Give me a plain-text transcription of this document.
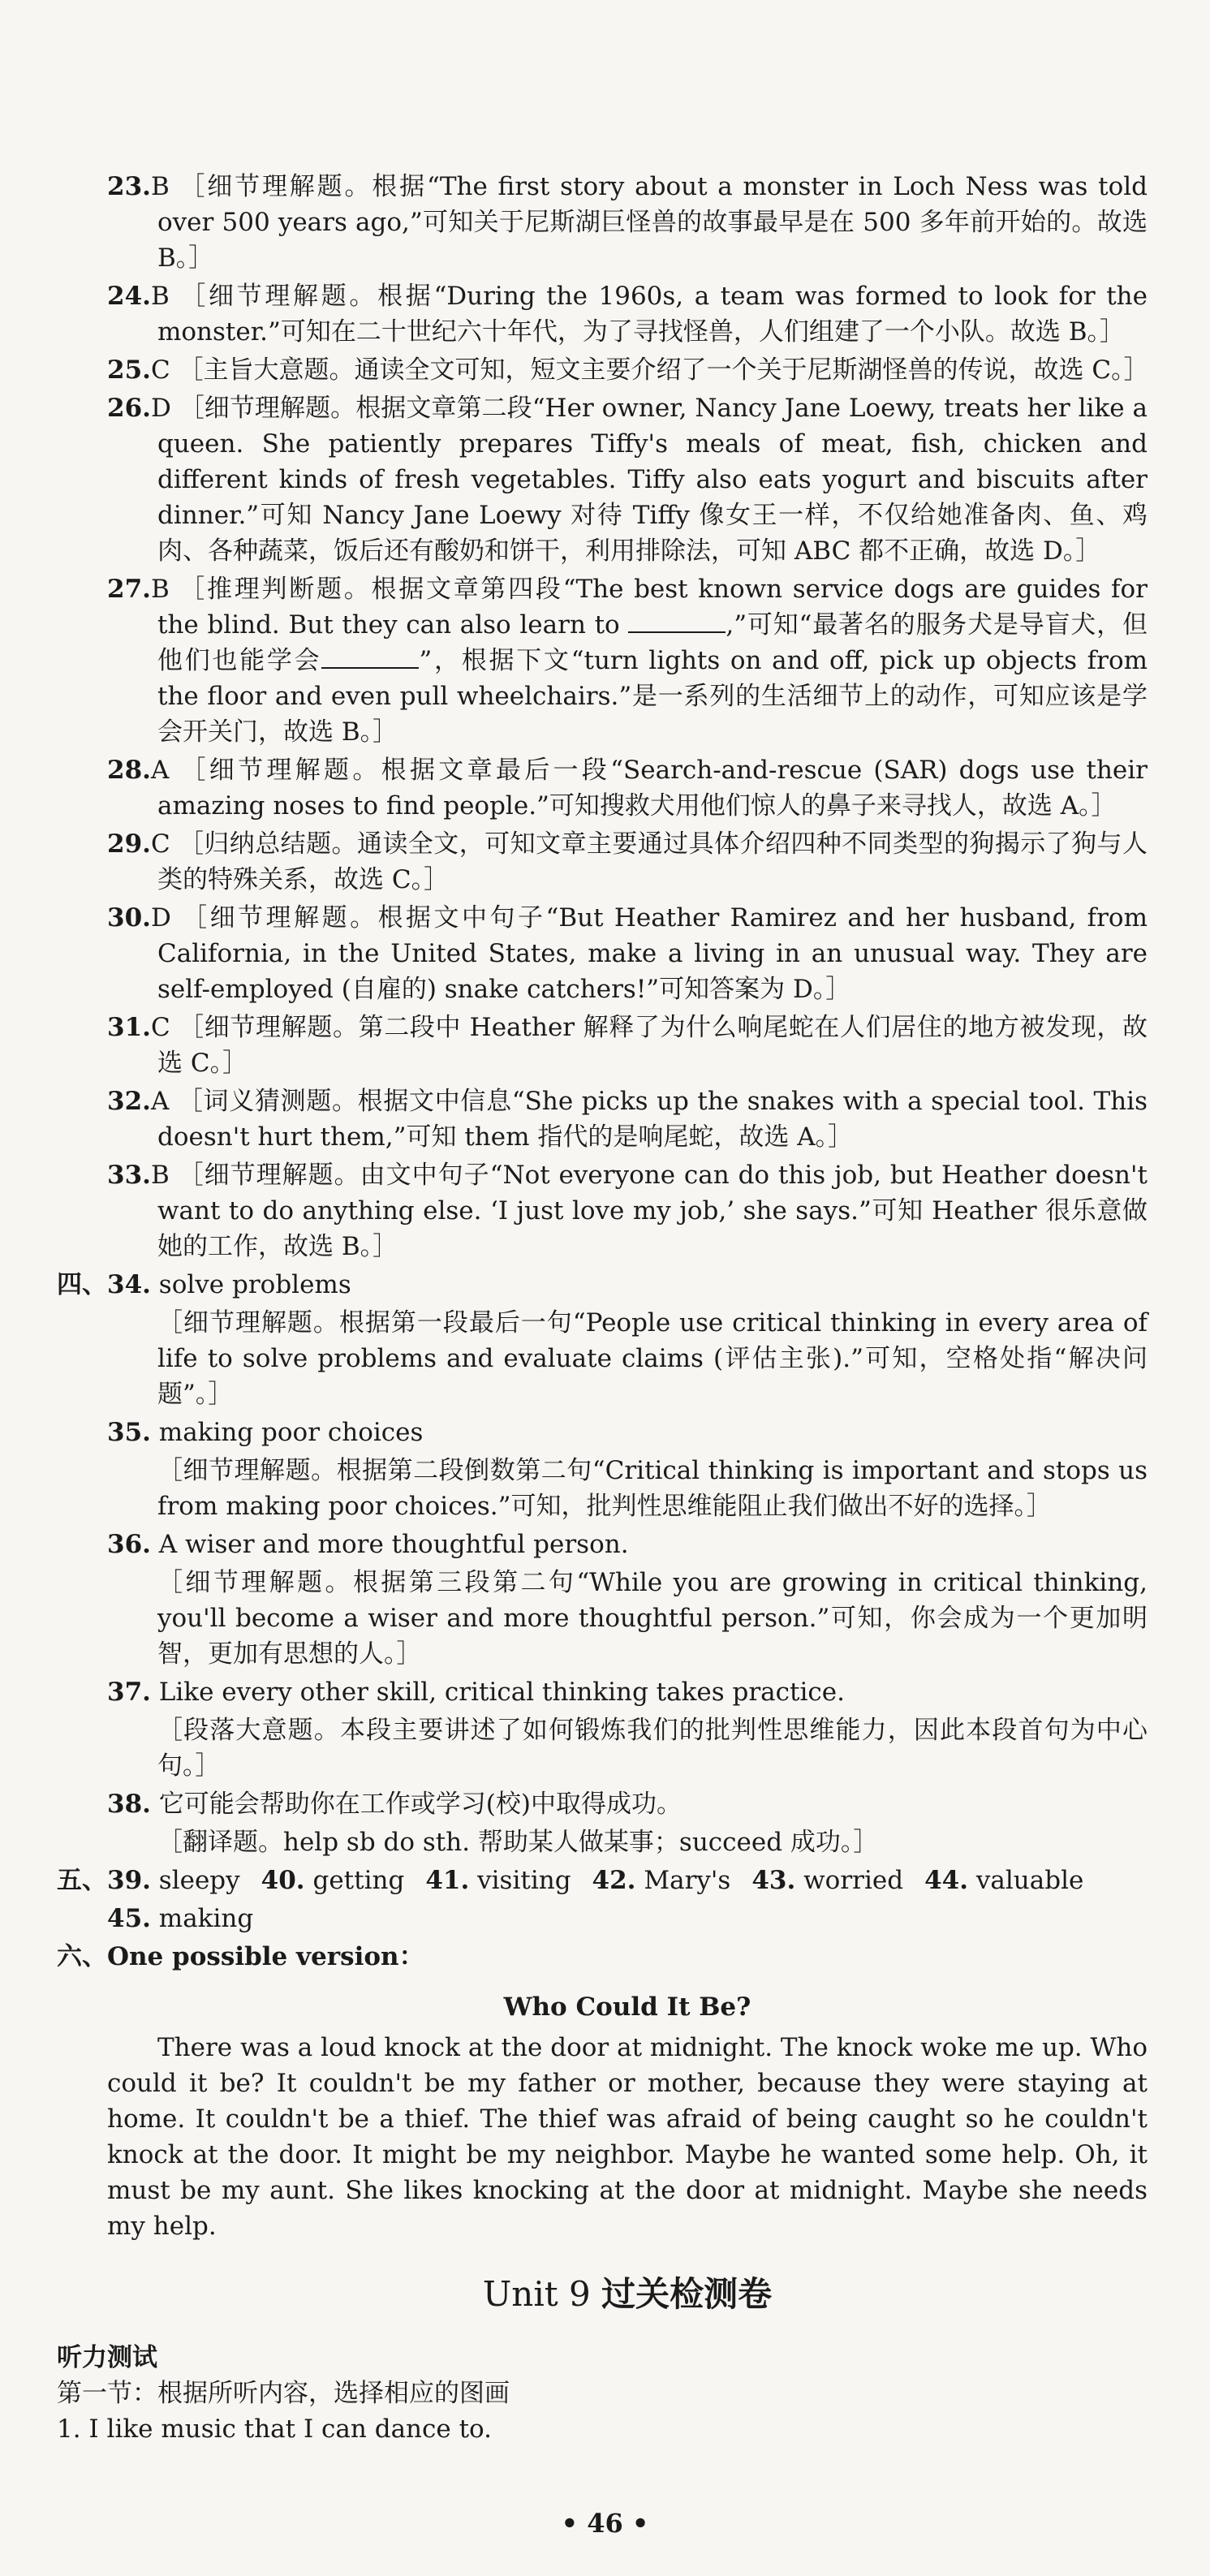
23.B ［细节理解题。根据“The first story about a monster in Loch Ness was told over 500 years ago,”可知关于尼斯湖巨怪兽的故事最早是在 500 多年前开始的。故选 B。］

24.B ［细节理解题。根据“During the 1960s, a team was formed to look for the monster.”可知在二十世纪六十年代，为了寻找怪兽，人们组建了一个小队。故选 B。］

25.C ［主旨大意题。通读全文可知，短文主要介绍了一个关于尼斯湖怪兽的传说，故选 C。］

26.D ［细节理解题。根据文章第二段“Her owner, Nancy Jane Loewy, treats her like a queen. She patiently prepares Tiffy's meals of meat, fish, chicken and different kinds of fresh vegetables. Tiffy also eats yogurt and biscuits after dinner.”可知 Nancy Jane Loewy 对待 Tiffy 像女王一样，不仅给她准备肉、鱼、鸡肉、各种蔬菜，饭后还有酸奶和饼干，利用排除法，可知 ABC 都不正确，故选 D。］

27.B ［推理判断题。根据文章第四段“The best known service dogs are guides for the blind. But they can also learn to	,”可知“最著名的服务犬是导盲犬，但他们也能学会	”，根据下文“turn lights on and off, pick up objects from the floor and even pull wheelchairs.”是一系列的生活细节上的动作，可知应该是学会开关门，故选 B。］

28.A ［细节理解题。根据文章最后一段“Search-and-rescue (SAR) dogs use their amazing noses to find people.”可知搜救犬用他们惊人的鼻子来寻找人，故选 A。］

29.C ［归纳总结题。通读全文，可知文章主要通过具体介绍四种不同类型的狗揭示了狗与人类的特殊关系，故选 C。］

30.D ［细节理解题。根据文中句子“But Heather Ramirez and her husband, from California, in the United States, make a living in an unusual way. They are self-employed (自雇的) snake catchers!”可知答案为 D。］

31.C ［细节理解题。第二段中 Heather 解释了为什么响尾蛇在人们居住的地方被发现，故选 C。］

32.A ［词义猜测题。根据文中信息“She picks up the snakes with a special tool. This doesn't hurt them,”可知 them 指代的是响尾蛇，故选 A。］

33.B ［细节理解题。由文中句子“Not everyone can do this job, but Heather doesn't want to do anything else. ‘I just love my job,’ she says.”可知 Heather 很乐意做她的工作，故选 B。］

四、34. solve problems

［细节理解题。根据第一段最后一句“People use critical thinking in every area of life to solve problems and evaluate claims (评估主张).”可知，空格处指“解决问题”。］

35. making poor choices

［细节理解题。根据第二段倒数第二句“Critical thinking is important and stops us from making poor choices.”可知，批判性思维能阻止我们做出不好的选择。］

36. A wiser and more thoughtful person.

［细节理解题。根据第三段第二句“While you are growing in critical thinking, you'll become a wiser and more thoughtful person.”可知，你会成为一个更加明智，更加有思想的人。］

37. Like every other skill, critical thinking takes practice.

［段落大意题。本段主要讲述了如何锻炼我们的批判性思维能力，因此本段首句为中心句。］

38. 它可能会帮助你在工作或学习(校)中取得成功。

［翻译题。help sb do sth. 帮助某人做某事；succeed 成功。］

五、39. sleepy 40. getting 41. visiting 42. Mary's 43. worried 44. valuable

45. making

六、One possible version：

Who Could It Be?

There was a loud knock at the door at midnight. The knock woke me up. Who could it be? It couldn't be my father or mother, because they were staying at home. It couldn't be a thief. The thief was afraid of being caught so he couldn't knock at the door. It might be my neighbor. Maybe he wanted some help. Oh, it must be my aunt. She likes knocking at the door at midnight. Maybe she needs my help.

Unit 9 过关检测卷

听力测试

第一节：根据所听内容，选择相应的图画

1. I like music that I can dance to.

• 46 •
